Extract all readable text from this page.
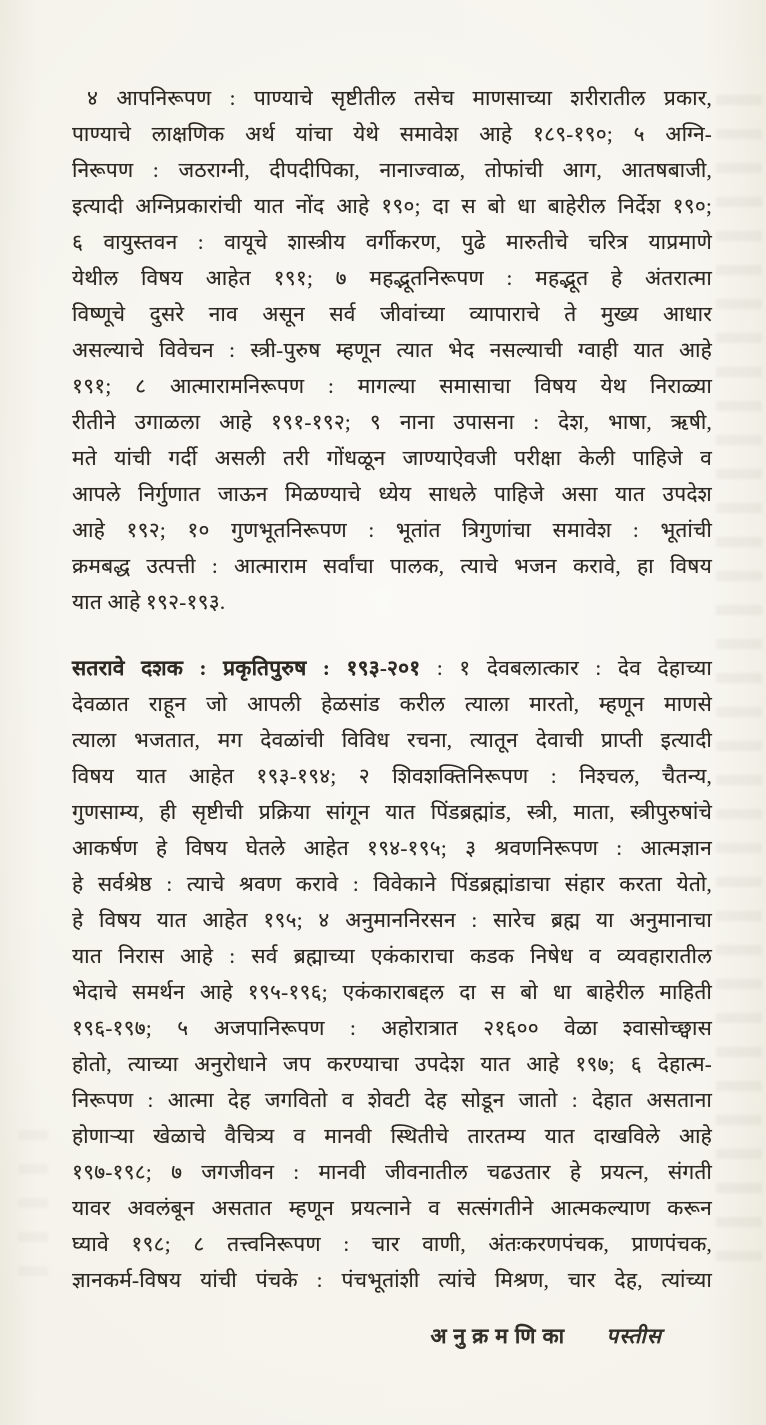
४ आपनिरूपण : पाण्याचे सृष्टीतील तसेच माणसाच्या शरीरातील प्रकार,
पाण्याचे लाक्षणिक अर्थ यांचा येथे समावेश आहे १८९-१९०; ५ अग्नि-
निरूपण : जठराग्नी, दीपदीपिका, नानाज्वाळ, तोफांची आग, आतषबाजी,
इत्यादी अग्निप्रकारांची यात नोंद आहे १९०; दा स बो धा बाहेरील निर्देश १९०;
६ वायुस्तवन : वायूचे शास्त्रीय वर्गीकरण, पुढे मारुतीचे चरित्र याप्रमाणे
येथील विषय आहेत १९१; ७ महद्भूतनिरूपण : महद्भूत हे अंतरात्मा
विष्णूचे दुसरे नाव असून सर्व जीवांच्या व्यापाराचे ते मुख्य आधार
असल्याचे विवेचन : स्त्री-पुरुष म्हणून त्यात भेद नसल्याची ग्वाही यात आहे
१९१; ८ आत्मारामनिरूपण : मागल्या समासाचा विषय येथ निराळ्या
रीतीने उगाळला आहे १९१-१९२; ९ नाना उपासना : देश, भाषा, ऋषी,
मते यांची गर्दी असली तरी गोंधळून जाण्याऐवजी परीक्षा केली पाहिजे व
आपले निर्गुणात जाऊन मिळण्याचे ध्येय साधले पाहिजे असा यात उपदेश
आहे १९२; १० गुणभूतनिरूपण : भूतांत त्रिगुणांचा समावेश : भूतांची
क्रमबद्ध उत्पत्ती : आत्माराम सर्वांचा पालक, त्याचे भजन करावे, हा विषय
यात आहे १९२-१९३.
सतरावे दशक : प्रकृतिपुरुष : १९३-२०१ : १ देवबलात्कार : देव देहाच्या
देवळात राहून जो आपली हेळसांड करील त्याला मारतो, म्हणून माणसे
त्याला भजतात, मग देवळांची विविध रचना, त्यातून देवाची प्राप्ती इत्यादी
विषय यात आहेत १९३-१९४; २ शिवशक्तिनिरूपण : निश्चल, चैतन्य,
गुणसाम्य, ही सृष्टीची प्रक्रिया सांगून यात पिंडब्रह्मांड, स्त्री, माता, स्त्रीपुरुषांचे
आकर्षण हे विषय घेतले आहेत १९४-१९५; ३ श्रवणनिरूपण : आत्मज्ञान
हे सर्वश्रेष्ठ : त्याचे श्रवण करावे : विवेकाने पिंडब्रह्मांडाचा संहार करता येतो,
हे विषय यात आहेत १९५; ४ अनुमाननिरसन : सारेच ब्रह्म या अनुमानाचा
यात निरास आहे : सर्व ब्रह्माच्या एकंकाराचा कडक निषेध व व्यवहारातील
भेदाचे समर्थन आहे १९५-१९६; एकंकाराबद्दल दा स बो धा बाहेरील माहिती
१९६-१९७; ५ अजपानिरूपण : अहोरात्रात २१६०० वेळा श्वासोच्छ्वास
होतो, त्याच्या अनुरोधाने जप करण्याचा उपदेश यात आहे १९७; ६ देहात्म-
निरूपण : आत्मा देह जगवितो व शेवटी देह सोडून जातो : देहात असताना
होणाऱ्या खेळाचे वैचित्र्य व मानवी स्थितीचे तारतम्य यात दाखविले आहे
१९७-१९८; ७ जगजीवन : मानवी जीवनातील चढउतार हे प्रयत्न, संगती
यावर अवलंबून असतात म्हणून प्रयत्नाने व सत्संगतीने आत्मकल्याण करून
घ्यावे १९८; ८ तत्त्वनिरूपण : चार वाणी, अंतःकरणपंचक, प्राणपंचक,
ज्ञानकर्म-विषय यांची पंचके : पंचभूतांशी त्यांचे मिश्रण, चार देह, त्यांच्या
अनुक्रमणिका पस्तीस
